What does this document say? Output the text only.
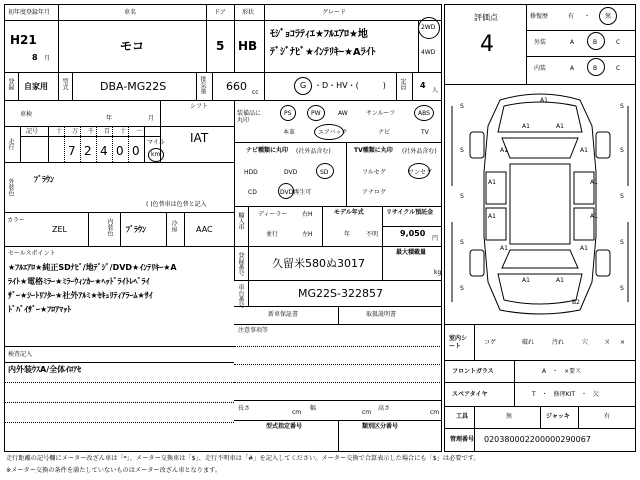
初年度登録年月
H21
8 月
車名
モコ
ドア
5
形状
HB
グレード
ﾓｼﾞｮｺﾗﾃｨｴ★ﾌﾙｴｱﾛ★地
ﾃﾞｼﾞﾅﾋﾞ★ｲﾝﾃﾘｷｰ★Aﾗｲﾄ
2WD
4WD
登録 自家用 型式	DBA-MG22S	排気量 660 cc
G ・D・HV・(　　　) 定員 4
人
車検
年	月
シフト
IAT
走行
記号	十 万 千 百 十 一
7 2 4 0 0
マイル
km
外装色	ﾌﾞﾗｳﾝ
( )色替車は色替と記入
カラー
ZEL	内装色 ﾌﾞﾗｳﾝ	冷房 AAC
セールスポイント
★ﾌﾙｴｱﾛ★純正SDﾅﾋﾞ/地ﾃﾞｼﾞ/DVD★ｲﾝﾃﾘｷｰ★A
ﾗｲﾄ★電格ﾐﾗｰ★ﾐﾗｰｳｨﾝｶｰ★ﾍｯﾄﾞﾗｲﾄﾚﾍﾞﾗｲ
ｻﾞｰ★ｼｰﾄﾘﾌﾀｰ★社外ｱﾙﾐ★ｾｷｭﾘﾃｨｱﾗｰﾑ★ｻｲ
ﾄﾞﾊﾞｲｻﾞｰ★ﾌﾛｱﾏｯﾄ
検査記入
内外装ｳｽA/全体ｲﾛｱｾ
装備品に丸印
PS	PW	AW	サンルーフ	ABS
本革	エアバック	ナビ	TV
ナビ種類に丸印 (社外品含む)
HDD	DVD	SD
CD	DVD再生可
TV種類に丸印 (社外品含む)
フルセグ	ワンセグ
アナログ
輸入車 ディーラー
並行
右H
左H
モデル年式
年	不明
リサイクル預託金
9,050
円
最大積載量
kg
登録番号	久留米580ぬ3017
車台番号	MG22S-322857
新車保証書	取扱説明書
注意事項等
長さ
cm
幅
cm
高さ
cm
型式指定番号	類別区分番号
評価点
4
修復歴	有 ・ 無
外装	A	B	C
内装	A	B	C
A1
A1	A1
A1	A1
A1	A1
A1	A1
A1	A1
A1	A1
B2
S	S
S	S
S	S
S	S
S	S
室内シート
コゲ	破れ	汚れ	穴	ヌ ×
フロントガラス	A　・　×要ス
スペアタイヤ	T　・　修理KIT　・　欠
工具	無	ジャッキ	有
管理番号 020380002200000290067
走行距離の記号欄にメーター改ざん車は「*」、メーター交換車は「$」、走行不明車は「#」を記入してください。メーター交換で合算表示した場合にも「$」は必要です。
※メーター交換の条件を満たしていないものはメーター改ざん車となります。
